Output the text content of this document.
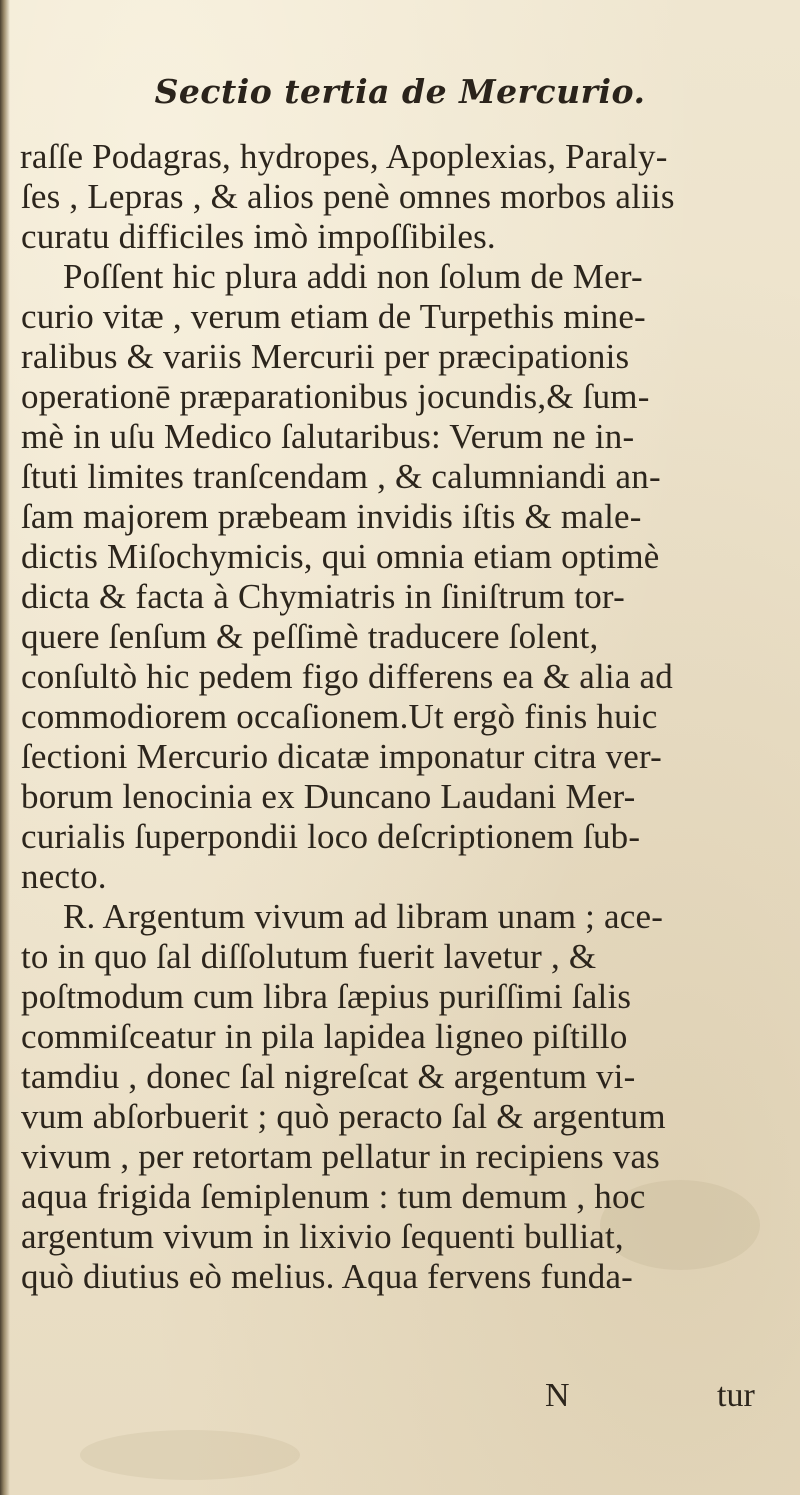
Sectio tertia de Mercurio.
raſſe Podagras, hydropes, Apoplexias, Paraly-
ſes , Lepras , & alios penè omnes morbos aliis
curatu difficiles imò impoſſibiles.
Poſſent hic plura addi non ſolum de Mer-
curio vitæ , verum etiam de Turpethis mine-
ralibus & variis Mercurii per præcipationis
operationē præparationibus jocundis,& ſum-
mè in uſu Medico ſalutaribus: Verum ne in-
ſtuti limites tranſcendam , & calumniandi an-
ſam majorem præbeam invidis iſtis & male-
dictis Miſochymicis, qui omnia etiam optimè
dicta & facta à Chymiatris in ſiniſtrum tor-
quere ſenſum & peſſimè traducere ſolent,
conſultò hic pedem figo differens ea & alia ad
commodiorem occaſionem.Ut ergò finis huic
ſectioni Mercurio dicatæ imponatur citra ver-
borum lenocinia ex Duncano Laudani Mer-
curialis ſuperpondii loco deſcriptionem ſub-
necto.
R. Argentum vivum ad libram unam ; ace-
to in quo ſal diſſolutum fuerit lavetur , &
poſtmodum cum libra ſæpius puriſſimi ſalis
commiſceatur in pila lapidea ligneo piſtillo
tamdiu , donec ſal nigreſcat & argentum vi-
vum abſorbuerit ; quò peracto ſal & argentum
vivum , per retortam pellatur in recipiens vas
aqua frigida ſemiplenum : tum demum , hoc
argentum vivum in lixivio ſequenti bulliat,
quò diutius eò melius. Aqua fervens funda-
N	tur
